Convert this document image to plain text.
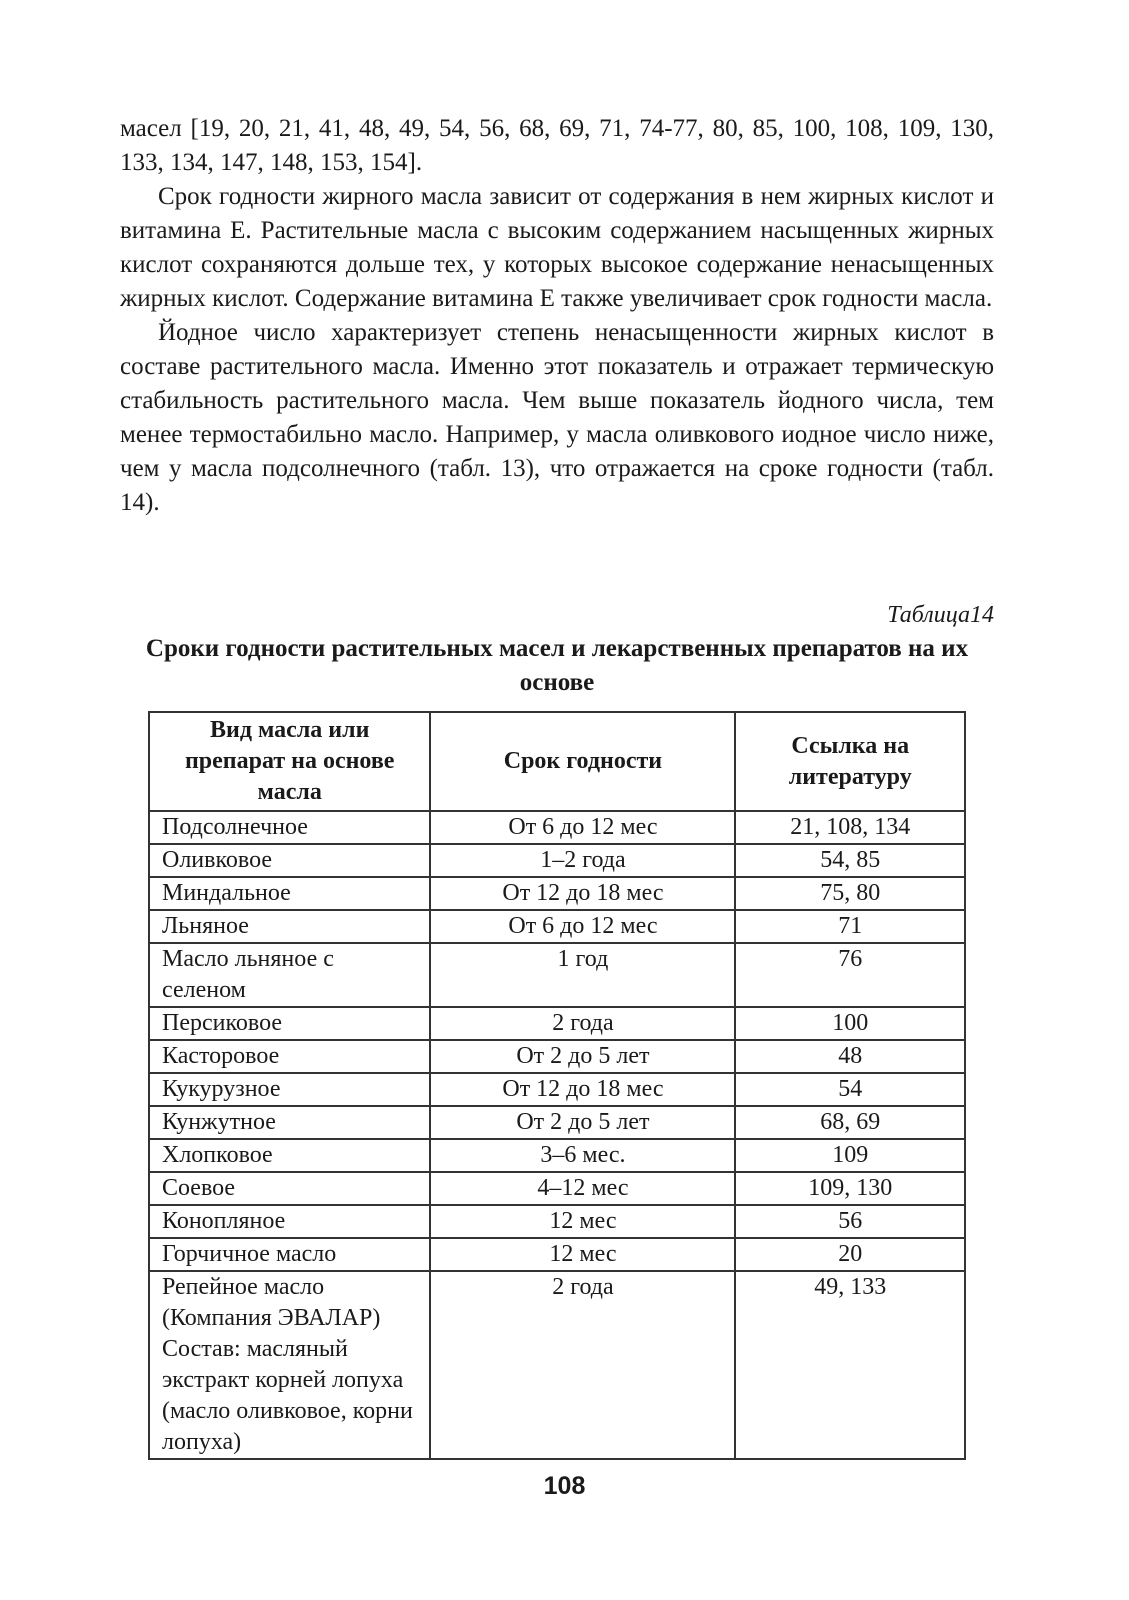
масел [19, 20, 21, 41, 48, 49, 54, 56, 68, 69, 71, 74-77, 80, 85, 100, 108, 109, 130, 133, 134, 147, 148, 153, 154].

Срок годности жирного масла зависит от содержания в нем жирных кислот и витамина Е. Растительные масла с высоким содержанием насыщенных жирных кислот сохраняются дольше тех, у которых высокое содержание ненасыщенных жирных кислот. Содержание витамина Е также увеличивает срок годности масла.

Йодное число характеризует степень ненасыщенности жирных кислот в составе растительного масла. Именно этот показатель и отражает термическую стабильность растительного масла. Чем выше показатель йодного числа, тем менее термостабильно масло. Например, у масла оливкового иодное число ниже, чем у масла подсолнечного (табл. 13), что отражается на сроке годности (табл. 14).

Таблица14
Сроки годности растительных масел и лекарственных препаратов на их основе
Вид масла или препарат на основе масла	Срок годности	Ссылка на литературу
Подсолнечное	От 6 до 12 мес	21, 108, 134
Оливковое	1–2 года	54, 85
Миндальное	От 12 до 18 мес	75, 80
Льняное	От 6 до 12 мес	71
Масло льняное с селеном	1 год	76
Персиковое	2 года	100
Касторовое	От 2 до 5 лет	48
Кукурузное	От 12 до 18 мес	54
Кунжутное	От 2 до 5 лет	68, 69
Хлопковое	3–6 мес.	109
Соевое	4–12 мес	109, 130
Конопляное	12 мес	56
Горчичное масло	12 мес	20
Репейное масло (Компания ЭВАЛАР) Состав: масляный экстракт корней лопуха (масло оливковое, корни лопуха)	2 года	49, 133
108
